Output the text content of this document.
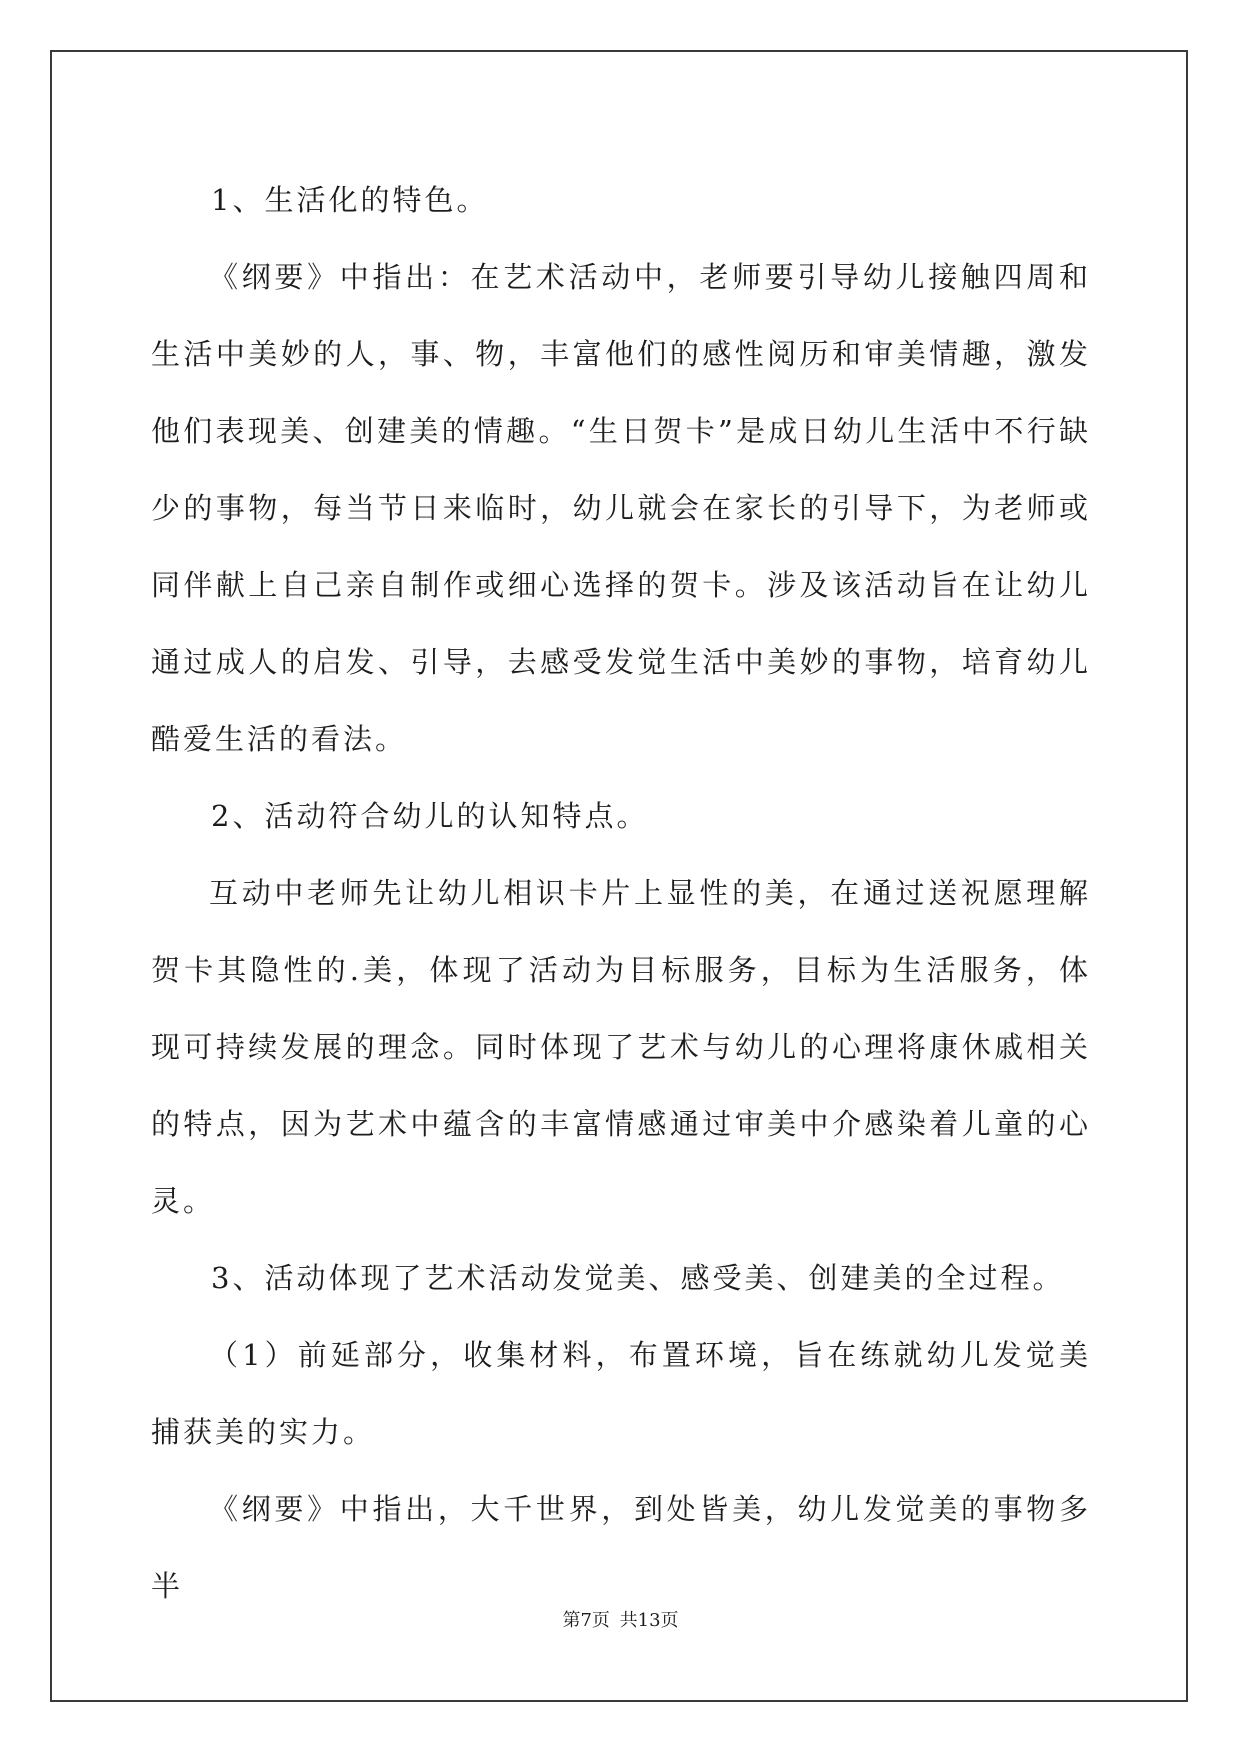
1、生活化的特色。

《纲要》中指出：在艺术活动中，老师要引导幼儿接触四周和生活中美妙的人，事、物，丰富他们的感性阅历和审美情趣，激发他们表现美、创建美的情趣。“生日贺卡”是成日幼儿生活中不行缺少的事物，每当节日来临时，幼儿就会在家长的引导下，为老师或同伴献上自己亲自制作或细心选择的贺卡。涉及该活动旨在让幼儿通过成人的启发、引导，去感受发觉生活中美妙的事物，培育幼儿酷爱生活的看法。

2、活动符合幼儿的认知特点。

互动中老师先让幼儿相识卡片上显性的美，在通过送祝愿理解贺卡其隐性的.美，体现了活动为目标服务，目标为生活服务，体现可持续发展的理念。同时体现了艺术与幼儿的心理将康休戚相关的特点，因为艺术中蕴含的丰富情感通过审美中介感染着儿童的心灵。

3、活动体现了艺术活动发觉美、感受美、创建美的全过程。

（1）前延部分，收集材料，布置环境，旨在练就幼儿发觉美捕获美的实力。

《纲要》中指出，大千世界，到处皆美，幼儿发觉美的事物多半

第7页 共13页
